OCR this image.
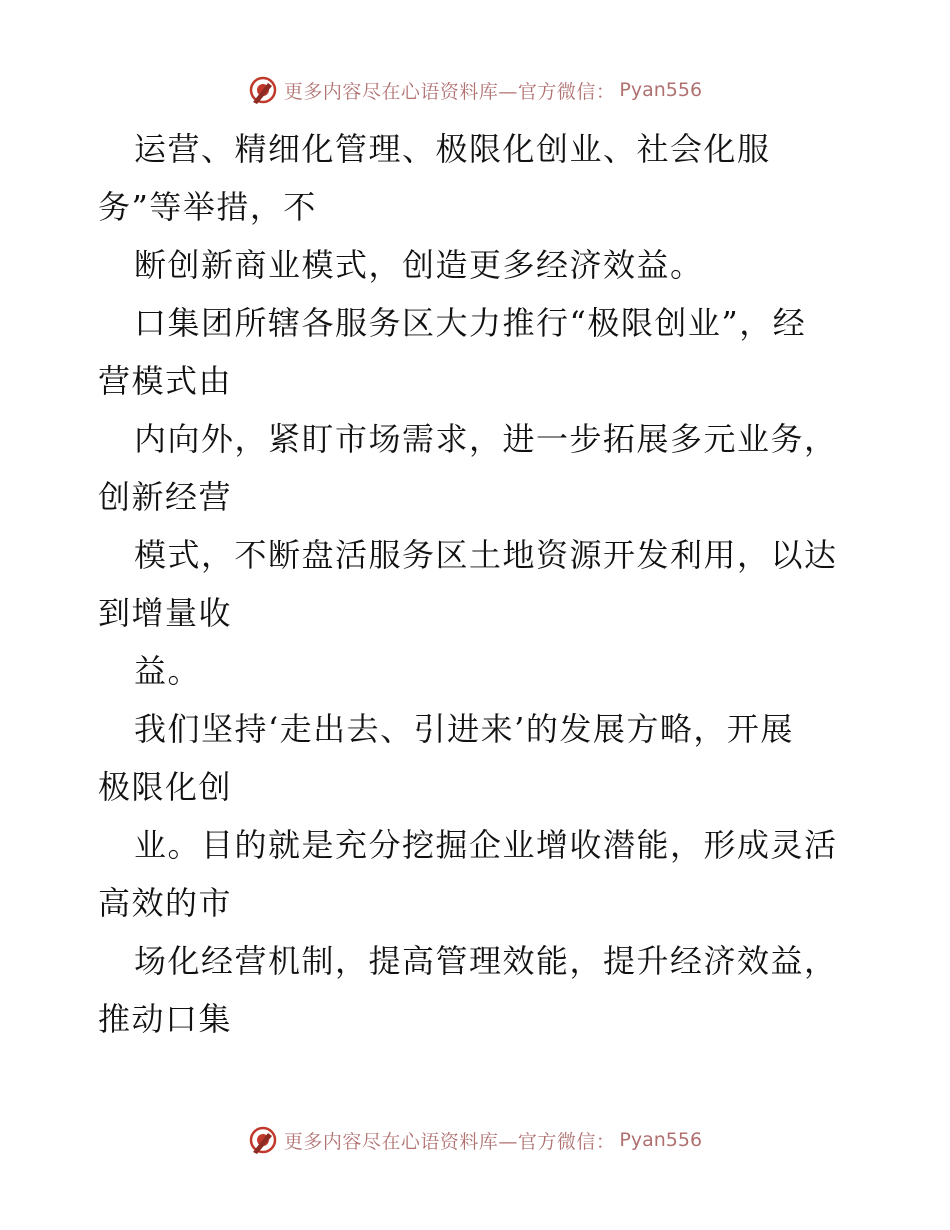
更多内容尽在心语资料库—官方微信： Pyan556
运营、精细化管理、极限化创业、社会化服
务”等举措，不
断创新商业模式，创造更多经济效益。
口集团所辖各服务区大力推行“极限创业”，经
营模式由
内向外，紧盯市场需求，进一步拓展多元业务，
创新经营
模式，不断盘活服务区土地资源开发利用，以达
到增量收
益。
我们坚持‘走出去、引进来’的发展方略，开展
极限化创
业。目的就是充分挖掘企业增收潜能，形成灵活
高效的市
场化经营机制，提高管理效能，提升经济效益，
推动口集
更多内容尽在心语资料库—官方微信： Pyan556
